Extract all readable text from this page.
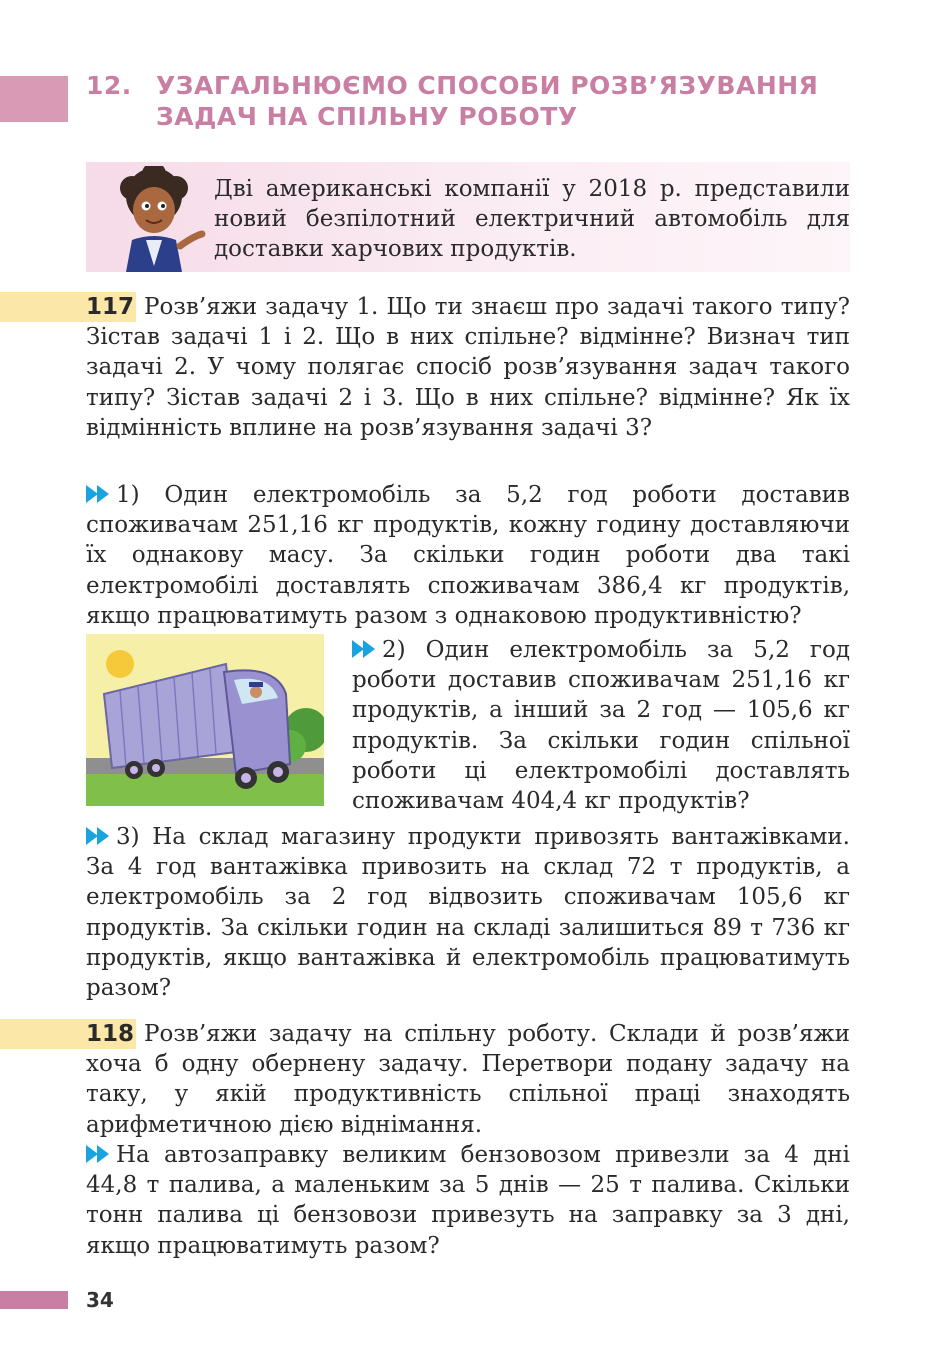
12. УЗАГАЛЬНЮЄМО СПОСОБИ РОЗВ’ЯЗУВАННЯ
ЗАДАЧ НА СПІЛЬНУ РОБОТУ
Дві американські компанії у 2018 р. представили новий безпілотний електричний автомобіль для доставки харчових продуктів.
117 Розв’яжи задачу 1. Що ти знаєш про задачі такого типу? Зістав задачі 1 і 2. Що в них спільне? відмінне? Визнач тип задачі 2. У чому полягає спосіб розв’язування задач такого типу? Зістав задачі 2 і 3. Що в них спільне? відмінне? Як їх відмінність вплине на розв’язування задачі 3?
1) Один електромобіль за 5,2 год роботи доставив споживачам 251,16 кг продуктів, кожну годину доставляючи їх однакову масу. За скільки годин роботи два такі електромобілі доставлять споживачам 386,4 кг продуктів, якщо працюватимуть разом з однаковою продуктивністю?
2) Один електромобіль за 5,2 год роботи доставив споживачам 251,16 кг продуктів, а інший за 2 год — 105,6 кг продуктів. За скільки годин спільної роботи ці електромобілі доставлять споживачам 404,4 кг продуктів?
3) На склад магазину продукти привозять вантажівками. За 4 год вантажівка привозить на склад 72 т продуктів, а електромобіль за 2 год відвозить споживачам 105,6 кг продуктів. За скільки годин на складі залишиться 89 т 736 кг продуктів, якщо вантажівка й електромобіль працюватимуть разом?
118 Розв’яжи задачу на спільну роботу. Склади й розв’яжи хоча б одну обернену задачу. Перетвори подану задачу на таку, у якій продуктивність спільної праці знаходять арифметичною дією віднімання.
На автозаправку великим бензовозом привезли за 4 дні 44,8 т палива, а маленьким за 5 днів — 25 т палива. Скільки тонн палива ці бензовози привезуть на заправку за 3 дні, якщо працюватимуть разом?
34
